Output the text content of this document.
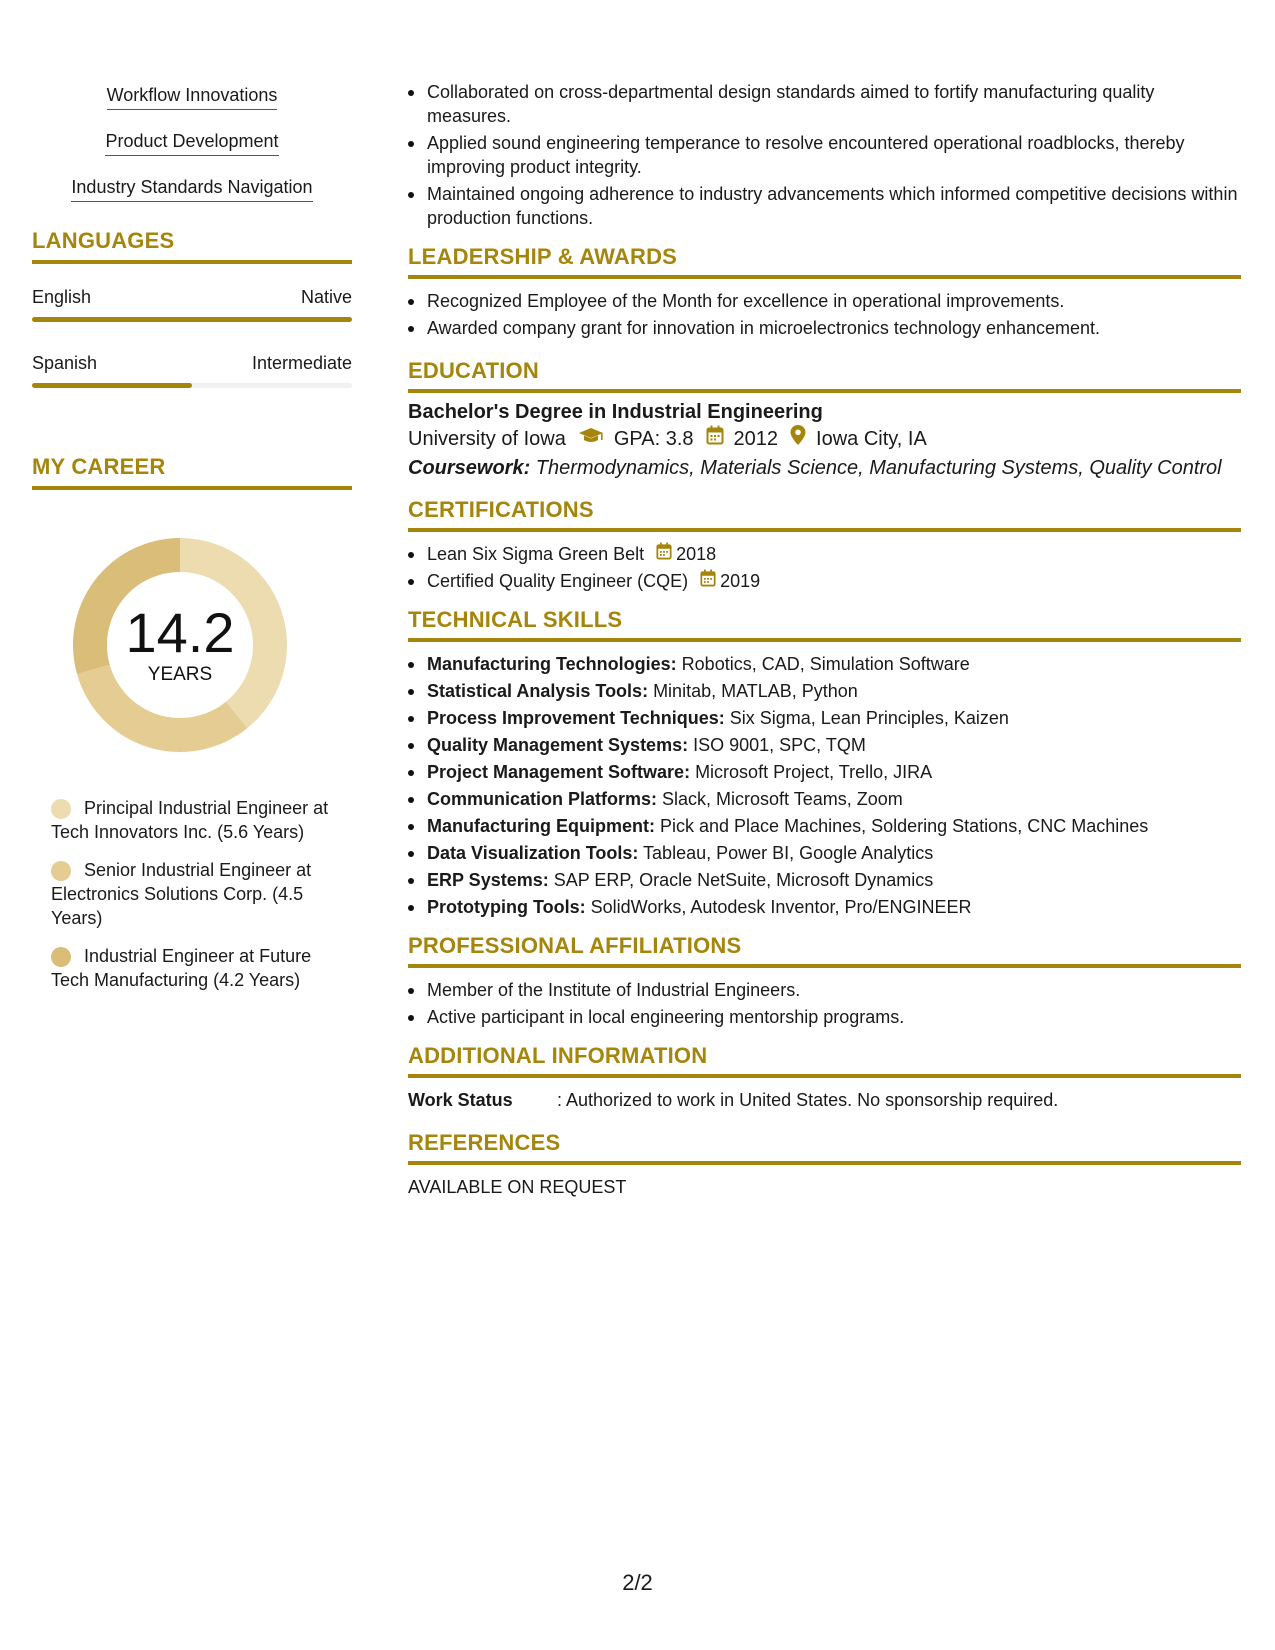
Workflow Innovations
Product Development
Industry Standards Navigation
LANGUAGES
English	Native
Spanish	Intermediate
MY CAREER
14.2
YEARS
Principal Industrial Engineer at Tech Innovators Inc. (5.6 Years)
Senior Industrial Engineer at Electronics Solutions Corp. (4.5 Years)
Industrial Engineer at Future Tech Manufacturing (4.2 Years)
Collaborated on cross-departmental design standards aimed to fortify manufacturing quality measures.
Applied sound engineering temperance to resolve encountered operational roadblocks, thereby improving product integrity.
Maintained ongoing adherence to industry advancements which informed competitive decisions within production functions.
LEADERSHIP & AWARDS
Recognized Employee of the Month for excellence in operational improvements.
Awarded company grant for innovation in microelectronics technology enhancement.
EDUCATION
Bachelor's Degree in Industrial Engineering
University of Iowa GPA: 3.8 2012 Iowa City, IA
Coursework: Thermodynamics, Materials Science, Manufacturing Systems, Quality Control
CERTIFICATIONS
Lean Six Sigma Green Belt 2018
Certified Quality Engineer (CQE) 2019
TECHNICAL SKILLS
Manufacturing Technologies: Robotics, CAD, Simulation Software
Statistical Analysis Tools: Minitab, MATLAB, Python
Process Improvement Techniques: Six Sigma, Lean Principles, Kaizen
Quality Management Systems: ISO 9001, SPC, TQM
Project Management Software: Microsoft Project, Trello, JIRA
Communication Platforms: Slack, Microsoft Teams, Zoom
Manufacturing Equipment: Pick and Place Machines, Soldering Stations, CNC Machines
Data Visualization Tools: Tableau, Power BI, Google Analytics
ERP Systems: SAP ERP, Oracle NetSuite, Microsoft Dynamics
Prototyping Tools: SolidWorks, Autodesk Inventor, Pro/ENGINEER
PROFESSIONAL AFFILIATIONS
Member of the Institute of Industrial Engineers.
Active participant in local engineering mentorship programs.
ADDITIONAL INFORMATION
Work Status	: Authorized to work in United States. No sponsorship required.
REFERENCES
AVAILABLE ON REQUEST
2/2
